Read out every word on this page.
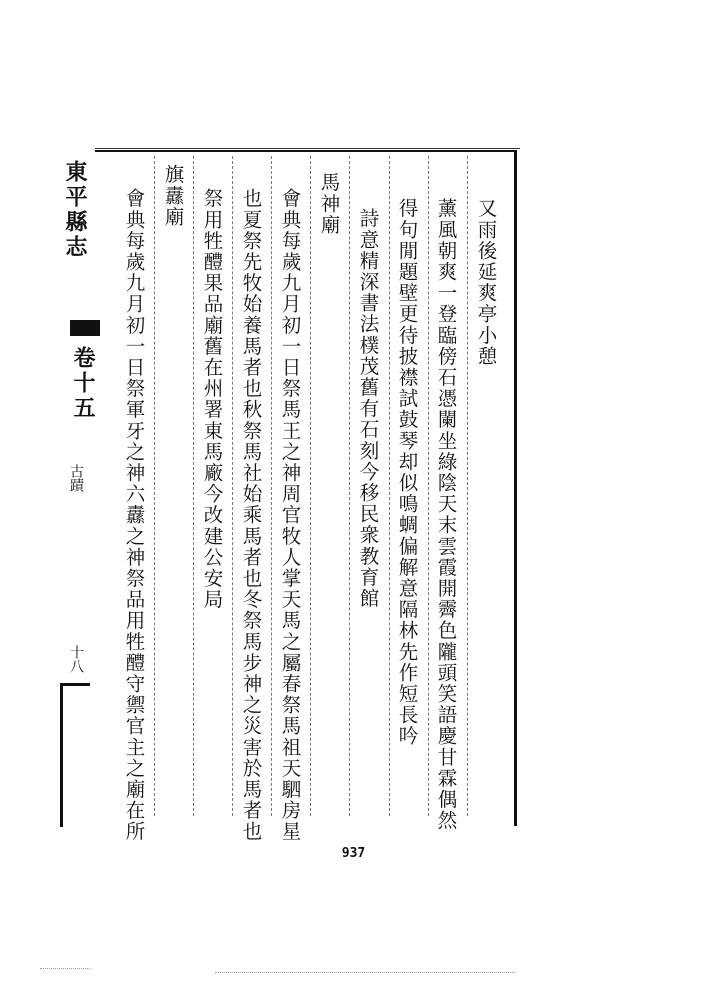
又雨後延爽亭小憩
薰風朝爽一登臨傍石憑闌坐綠陰天末雲霞開霽色隴頭笑語慶甘霖偶然
得句閒題壁更待披襟試鼓琴却似鳴蜩偏解意隔林先作短長吟
詩意精深書法樸茂舊有石刻今移民衆教育館
馬神廟
會典每歲九月初一日祭馬王之神周官牧人掌天馬之屬春祭馬祖天駟房星
也夏祭先牧始養馬者也秋祭馬社始乘馬者也冬祭馬步神之災害於馬者也
祭用牲醴果品廟舊在州署東馬廠今改建公安局
旗纛廟
會典每歲九月初一日祭軍牙之神六纛之神祭品用牲醴守禦官主之廟在所
東平縣志
卷十五
古蹟
十八
937
